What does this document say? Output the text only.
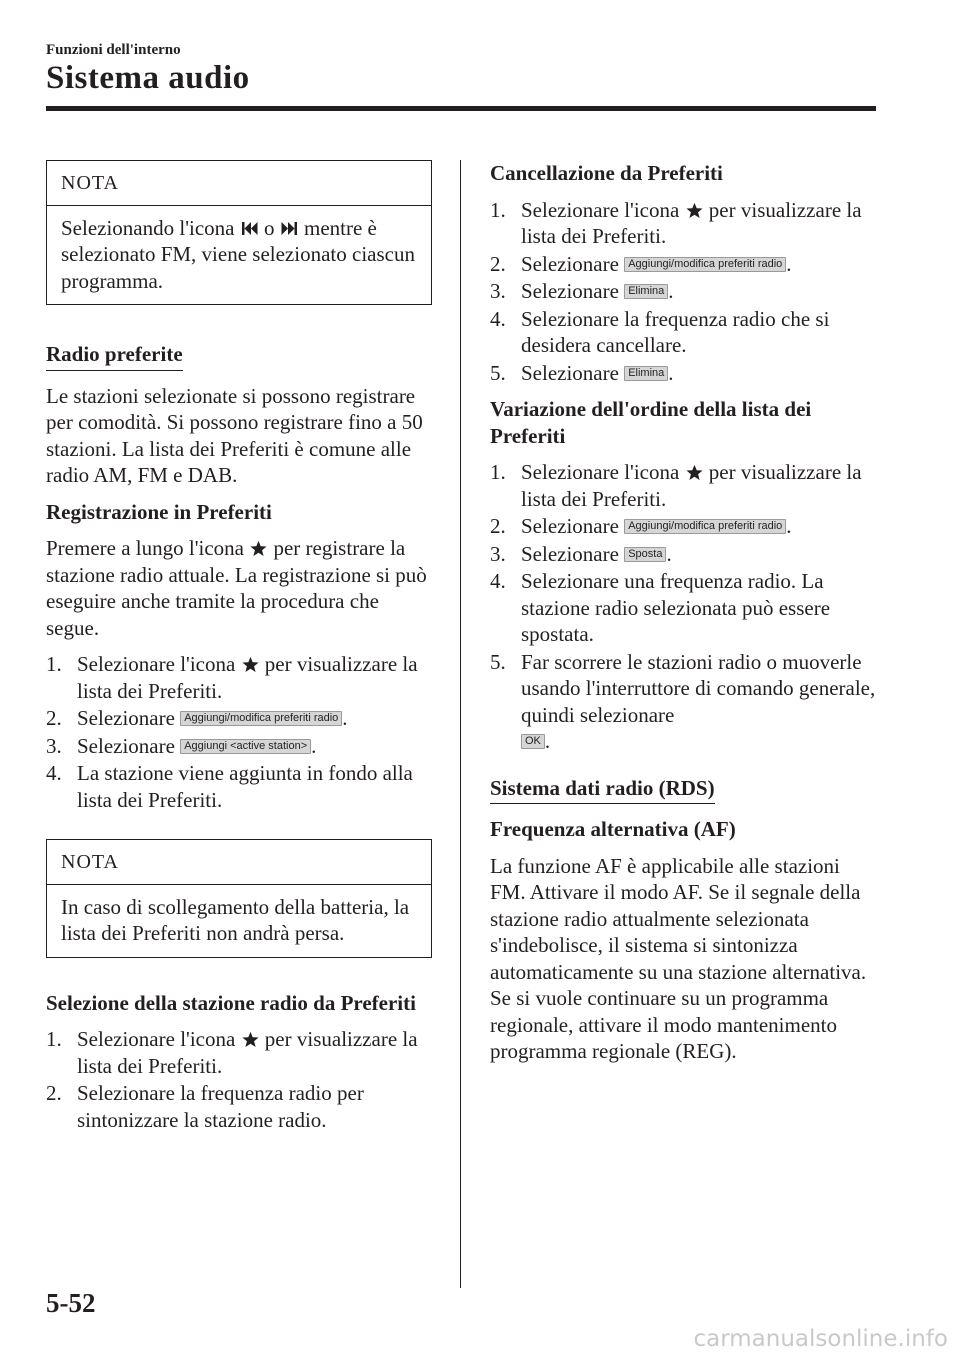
Funzioni dell'interno
Sistema audio
NOTA
Selezionando l'icona o mentre è selezionato FM, viene selezionato ciascun programma.
Radio preferite
Le stazioni selezionate si possono registrare per comodità. Si possono registrare fino a 50 stazioni. La lista dei Preferiti è comune alle radio AM, FM e DAB.
Registrazione in Preferiti
Premere a lungo l'icona per registrare la stazione radio attuale. La registrazione si può eseguire anche tramite la procedura che segue.
1. Selezionare l'icona per visualizzare la lista dei Preferiti.
2. Selezionare Aggiungi/modifica preferiti radio .
3. Selezionare Aggiungi <active station> .
4. La stazione viene aggiunta in fondo alla lista dei Preferiti.
NOTA
In caso di scollegamento della batteria, la lista dei Preferiti non andrà persa.
Selezione della stazione radio da Preferiti
1. Selezionare l'icona per visualizzare la lista dei Preferiti.
2. Selezionare la frequenza radio per sintonizzare la stazione radio.
Cancellazione da Preferiti
1. Selezionare l'icona per visualizzare la lista dei Preferiti.
2. Selezionare Aggiungi/modifica preferiti radio .
3. Selezionare Elimina .
4. Selezionare la frequenza radio che si desidera cancellare.
5. Selezionare Elimina .
Variazione dell'ordine della lista dei Preferiti
1. Selezionare l'icona per visualizzare la lista dei Preferiti.
2. Selezionare Aggiungi/modifica preferiti radio .
3. Selezionare Sposta .
4. Selezionare una frequenza radio. La stazione radio selezionata può essere spostata.
5. Far scorrere le stazioni radio o muoverle usando l'interruttore di comando generale, quindi selezionare
OK .
Sistema dati radio (RDS)
Frequenza alternativa (AF)
La funzione AF è applicabile alle stazioni FM. Attivare il modo AF. Se il segnale della stazione radio attualmente selezionata s'indebolisce, il sistema si sintonizza automaticamente su una stazione alternativa.
Se si vuole continuare su un programma regionale, attivare il modo mantenimento programma regionale (REG).
5-52
carmanualsonline.info
